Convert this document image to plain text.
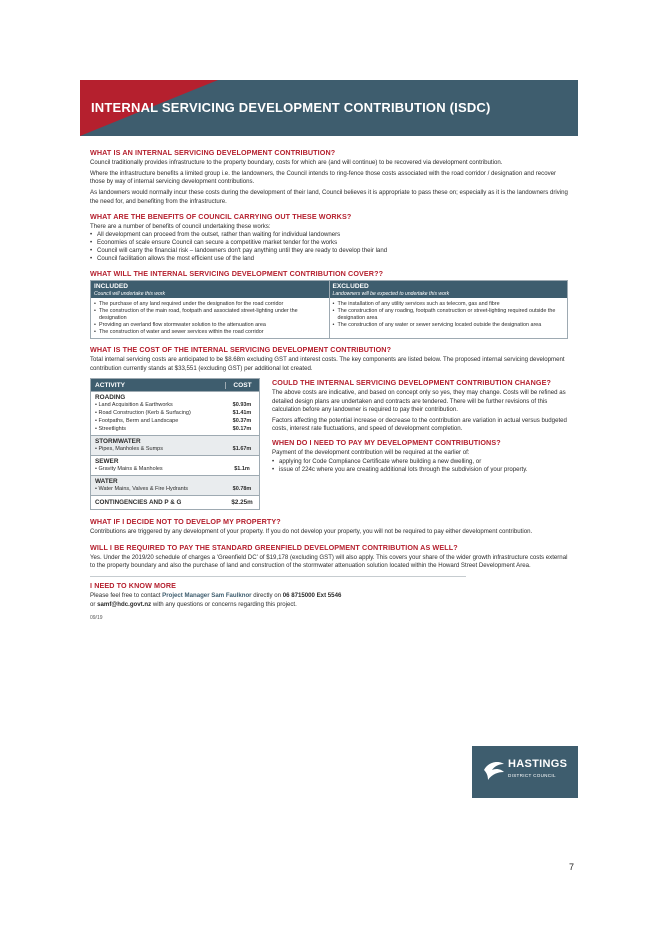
INTERNAL SERVICING DEVELOPMENT CONTRIBUTION (ISDC)
WHAT IS AN INTERNAL SERVICING DEVELOPMENT CONTRIBUTION?

Council traditionally provides infrastructure to the property boundary, costs for which are (and will continue) to be recovered via development contribution.

Where the infrastructure benefits a limited group i.e. the landowners, the Council intends to ring-fence those costs associated with the road corridor / designation and recover those by way of internal servicing development contributions.

As landowners would normally incur these costs during the development of their land, Council believes it is appropriate to pass these on; especially as it is the landowners driving the need for, and benefiting from the infrastructure.

WHAT ARE THE BENEFITS OF COUNCIL CARRYING OUT THESE WORKS?

There are a number of benefits of council undertaking these works:

• All development can proceed from the outset, rather than waiting for individual landowners
• Economies of scale ensure Council can secure a competitive market tender for the works
• Council will carry the financial risk – landowners don't pay anything until they are ready to develop their land
• Council facilitation allows the most efficient use of the land
WHAT WILL THE INTERNAL SERVICING DEVELOPMENT CONTRIBUTION COVER??
INCLUDED
Council will undertake this work
• The purchase of any land required under the designation for the road corridor
• The construction of the main road, footpath and associated street-lighting under the designation
• Providing an overland flow stormwater solution to the attenuation area
• The construction of water and sewer services within the road corridor
EXCLUDED
Landowners will be expected to undertake this work
• The installation of any utility services such as telecom, gas and fibre
• The construction of any roading, footpath construction or street-lighting required outside the designation area
• The construction of any water or sewer servicing located outside the designation area
WHAT IS THE COST OF THE INTERNAL SERVICING DEVELOPMENT CONTRIBUTION?

Total internal servicing costs are anticipated to be $8.68m excluding GST and interest costs. The key components are listed below. The proposed internal servicing development contribution currently stands at $33,551 (excluding GST) per additional lot created.

ACTIVITY	COST
ROADING
• Land Acquisition & Earthworks	$0.93m
• Road Construction (Kerb & Surfacing)	$1.41m
• Footpaths, Berm and Landscape	$0.37m
• Streetlights	$0.17m
STORMWATER
• Pipes, Manholes & Sumps	$1.67m
SEWER
• Gravity Mains & Manholes	$1.1m
WATER
• Water Mains, Valves & Fire Hydrants	$0.78m
CONTINGENCIES AND P & G	$2.25m
COULD THE INTERNAL SERVICING DEVELOPMENT CONTRIBUTION CHANGE?

The above costs are indicative, and based on concept only so yes, they may change. Costs will be refined as detailed design plans are undertaken and contracts are tendered. There will be further revisions of this calculation before any landowner is required to pay their contribution.

Factors affecting the potential increase or decrease to the contribution are variation in actual versus budgeted costs, interest rate fluctuations, and speed of development completion.

WHEN DO I NEED TO PAY MY DEVELOPMENT CONTRIBUTIONS?

Payment of the development contribution will be required at the earlier of:

• applying for Code Compliance Certificate where building a new dwelling, or
• issue of 224c where you are creating additional lots through the subdivision of your property.
WHAT IF I DECIDE NOT TO DEVELOP MY PROPERTY?

Contributions are triggered by any development of your property. If you do not develop your property, you will not be required to pay either development contribution.

WILL I BE REQUIRED TO PAY THE STANDARD GREENFIELD DEVELOPMENT CONTRIBUTION AS WELL?

Yes. Under the 2019/20 schedule of charges a 'Greenfield DC' of $19,178 (excluding GST) will also apply. This covers your share of the wider growth infrastructure costs external to the property boundary and also the purchase of land and construction of the stormwater attenuation solution located within the Howard Street Development Area.

I NEED TO KNOW MORE

Please feel free to contact Project Manager Sam Faulknor directly on 06 8715000 Ext 5546

or samf@hdc.govt.nz with any questions or concerns regarding this project.

09/19
HASTINGS
DISTRICT COUNCIL
7
